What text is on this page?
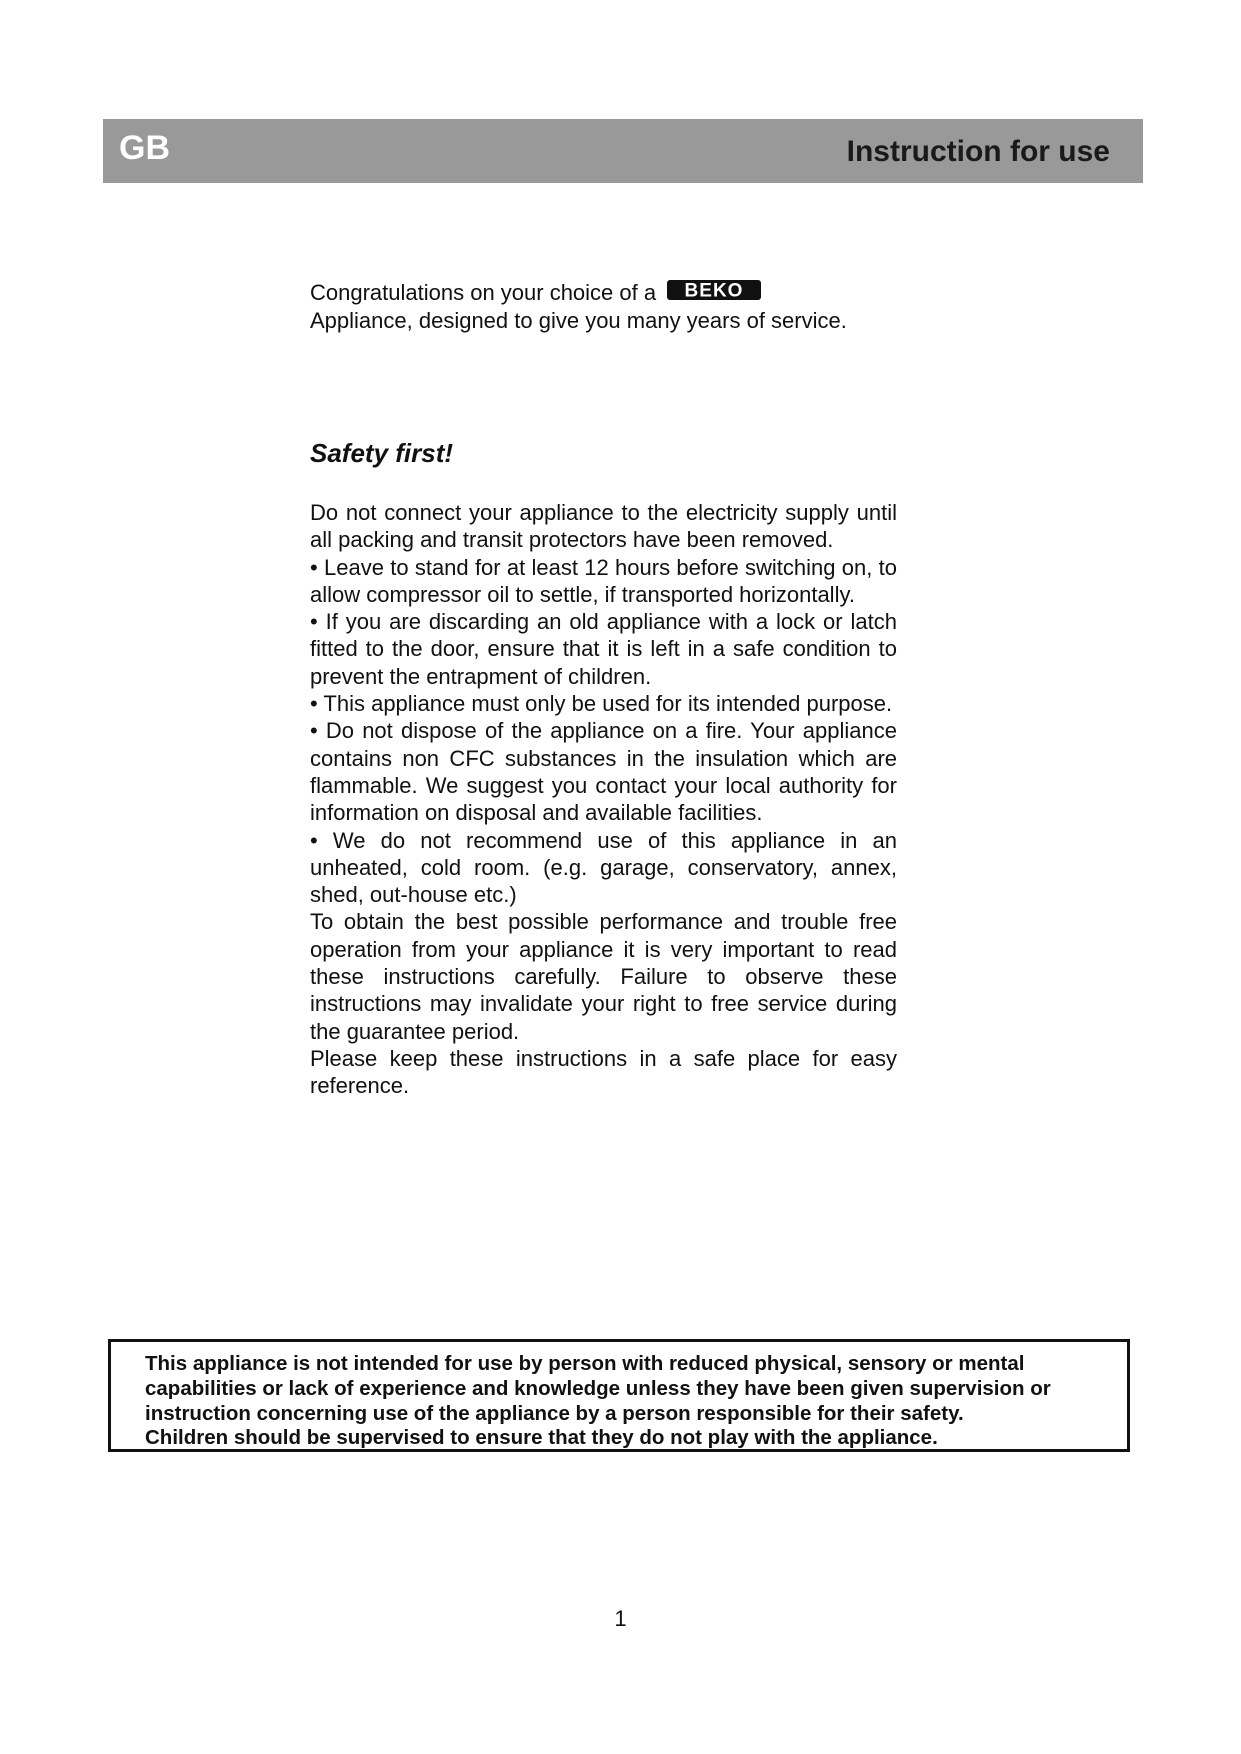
GB	Instruction for use

Congratulations on your choice of a BEKO

Appliance, designed to give you many years of service.

Safety first!

Do not connect your appliance to the electricity supply until all packing and transit protectors have been removed.

• Leave to stand for at least 12 hours before switching on, to allow compressor oil to settle, if transported horizontally.

• If you are discarding an old appliance with a lock or latch fitted to the door, ensure that it is left in a safe condition to prevent the entrapment of children.

• This appliance must only be used for its intended purpose.

• Do not dispose of the appliance on a fire. Your appliance contains non CFC substances in the insulation which are flammable. We suggest you contact your local authority for information on disposal and available facilities.

• We do not recommend use of this appliance in an unheated, cold room. (e.g. garage, conservatory, annex, shed, out-house etc.)

To obtain the best possible performance and trouble free operation from your appliance it is very important to read these instructions carefully. Failure to observe these instructions may invalidate your right to free service during the guarantee period.

Please keep these instructions in a safe place for easy reference.

This appliance is not intended for use by person with reduced physical, sensory or mental capabilities or lack of experience and knowledge unless they have been given supervision or instruction concerning use of the appliance by a person responsible for their safety.

Children should be supervised to ensure that they do not play with the appliance.

1
